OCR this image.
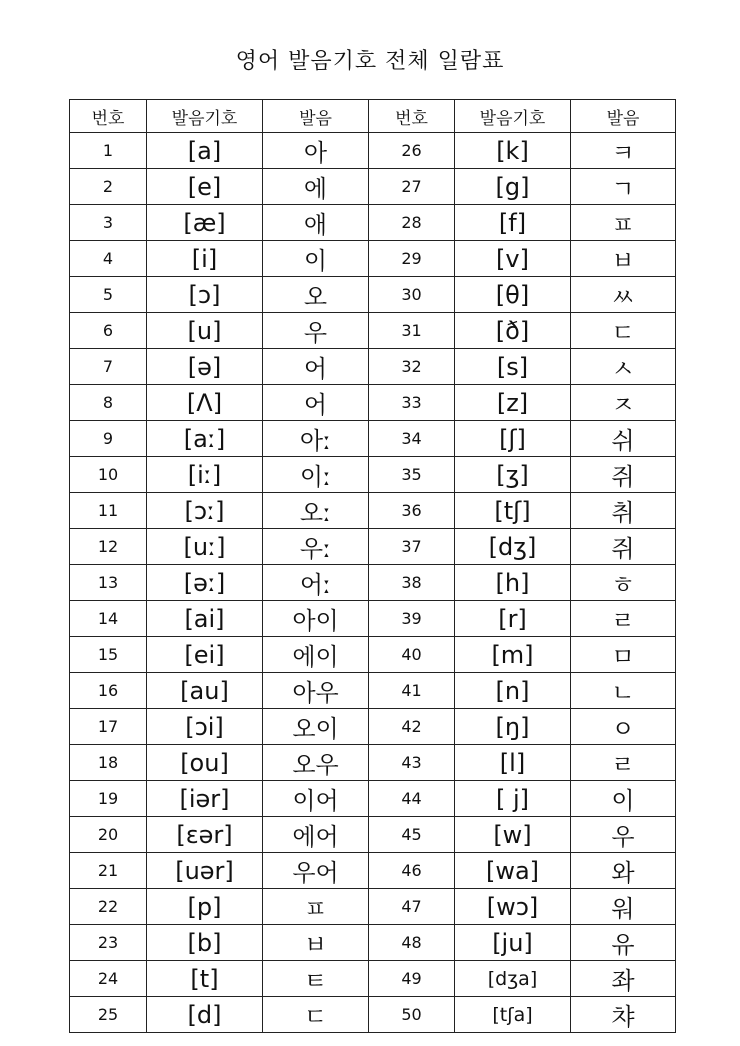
영어 발음기호 전체 일람표
번호	발음기호	발음	번호	발음기호	발음
1	[a]	아	26	[k]	ㅋ
2	[e]	에	27	[g]	ㄱ
3	[æ]	애	28	[f]	ㅍ
4	[i]	이	29	[v]	ㅂ
5	[ɔ]	오	30	[θ]	ㅆ
6	[u]	우	31	[ð]	ㄷ
7	[ə]	어	32	[s]	ㅅ
8	[Λ]	어	33	[z]	ㅈ
9	[aː]	아ː	34	[ʃ]	쉬
10	[iː]	이ː	35	[ʒ]	쥐
11	[ɔː]	오ː	36	[tʃ]	취
12	[uː]	우ː	37	[dʒ]	쥐
13	[əː]	어ː	38	[h]	ㅎ
14	[ai]	아이	39	[r]	ㄹ
15	[ei]	에이	40	[m]	ㅁ
16	[au]	아우	41	[n]	ㄴ
17	[ɔi]	오이	42	[ŋ]	ㅇ
18	[ou]	오우	43	[l]	ㄹ
19	[iər]	이어	44	[ j]	이
20	[ɛər]	에어	45	[w]	우
21	[uər]	우어	46	[wa]	와
22	[p]	ㅍ	47	[wɔ]	워
23	[b]	ㅂ	48	[ju]	유
24	[t]	ㅌ	49	[dʒa]	좌
25	[d]	ㄷ	50	[tʃa]	챠
